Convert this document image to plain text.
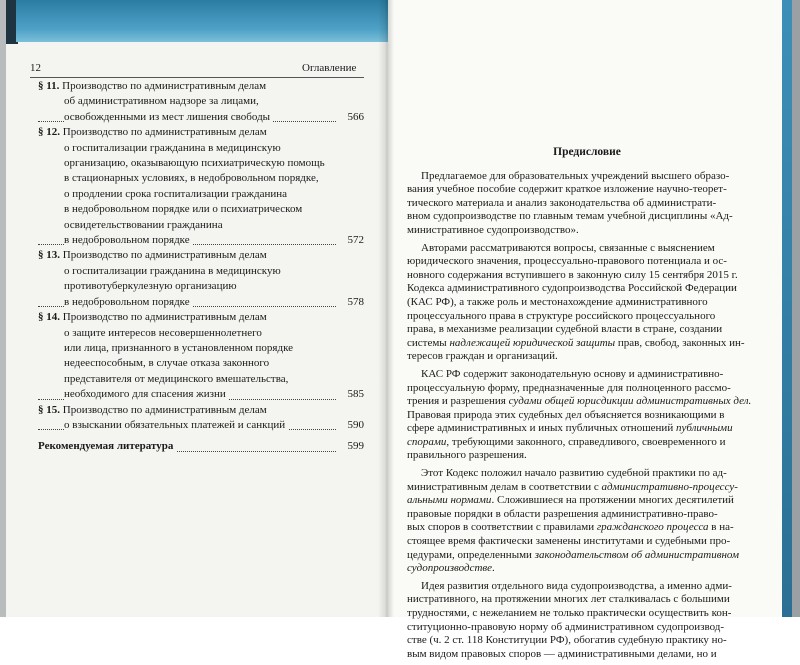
12	Оглавление
§ 11. Производство по административным делам
об административном надзоре за лицами,
освобожденными из мест лишения свободы	566
§ 12. Производство по административным делам
о госпитализации гражданина в медицинскую
организацию, оказывающую психиатрическую помощь
в стационарных условиях, в недобровольном порядке,
о продлении срока госпитализации гражданина
в недобровольном порядке или о психиатрическом
освидетельствовании гражданина
в недобровольном порядке	572
§ 13. Производство по административным делам
о госпитализации гражданина в медицинскую
противотуберкулезную организацию
в недобровольном порядке	578
§ 14. Производство по административным делам
о защите интересов несовершеннолетнего
или лица, признанного в установленном порядке
недееспособным, в случае отказа законного
представителя от медицинского вмешательства,
необходимого для спасения жизни	585
§ 15. Производство по административным делам
о взыскании обязательных платежей и санкций	590
Рекомендуемая литература	599
Предисловие
Предлагаемое для образовательных учреждений высшего образо-
вания учебное пособие содержит краткое изложение научно-теорет-
тического материала и анализ законодательства об администрати-
вном судопроизводстве по главным темам учебной дисциплины «Ад-
министративное судопроизводство».
Авторами рассматриваются вопросы, связанные с выяснением
юридического значения, процессуально-правового потенциала и ос-
новного содержания вступившего в законную силу 15 сентября 2015 г.
Кодекса административного судопроизводства Российской Федерации
(КАС РФ), а также роль и местонахождение административного
процессуального права в структуре российского процессуального
права, в механизме реализации судебной власти в стране, создании
системы надлежащей юридической защиты прав, свобод, законных ин-
тересов граждан и организаций.
КАС РФ содержит законодательную основу и административно-
процессуальную форму, предназначенные для полноценного рассмо-
трения и разрешения судами общей юрисдикции административных дел.
Правовая природа этих судебных дел объясняется возникающими в
сфере административных и иных публичных отношений публичными
спорами, требующими законного, справедливого, своевременного и
правильного разрешения.
Этот Кодекс положил начало развитию судебной практики по ад-
министративным делам в соответствии с административно-процессу-
альными нормами. Сложившиеся на протяжении многих десятилетий
правовые порядки в области разрешения административно-право-
вых споров в соответствии с правилами гражданского процесса в на-
стоящее время фактически заменены институтами и судебными про-
цедурами, определенными законодательством об административном
судопроизводстве.
Идея развития отдельного вида судопроизводства, а именно адми-
нистративного, на протяжении многих лет сталкивалась с большими
трудностями, с нежеланием не только практически осуществить кон-
ституционно-правовую норму об административном судопроизвод-
стве (ч. 2 ст. 118 Конституции РФ), обогатив судебную практику но-
вым видом правовых споров — административными делами, но и
